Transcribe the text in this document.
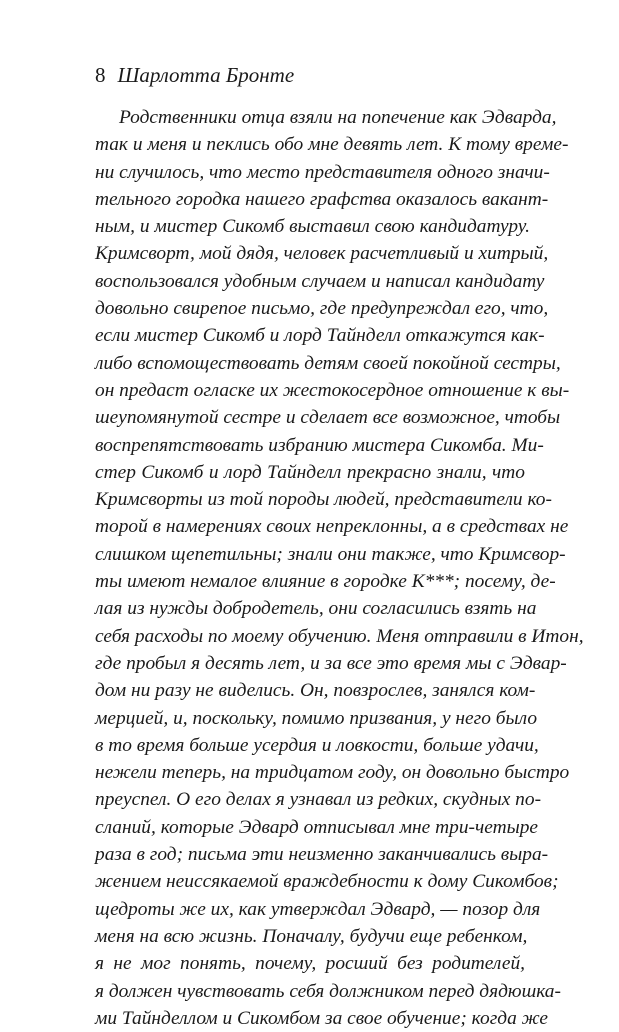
8 Шарлотта Бронте
Родственники отца взяли на попечение как Эдварда,
так и меня и пеклись обо мне девять лет. К тому време-
ни случилось, что место представителя одного значи-
тельного городка нашего графства оказалось вакант-
ным, и мистер Сикомб выставил свою кандидатуру.
Кримсворт, мой дядя, человек расчетливый и хитрый,
воспользовался удобным случаем и написал кандидату
довольно свирепое письмо, где предупреждал его, что,
если мистер Сикомб и лорд Тайнделл откажутся как-
либо вспомоществовать детям своей покойной сестры,
он предаст огласке их жестокосердное отношение к вы-
шеупомянутой сестре и сделает все возможное, чтобы
воспрепятствовать избранию мистера Сикомба. Ми-
стер Сикомб и лорд Тайнделл прекрасно знали, что
Кримсворты из той породы людей, представители ко-
торой в намерениях своих непреклонны, а в средствах не
слишком щепетильны; знали они также, что Кримсвор-
ты имеют немалое влияние в городке К***; посему, де-
лая из нужды добродетель, они согласились взять на
себя расходы по моему обучению. Меня отправили в Итон,
где пробыл я десять лет, и за все это время мы с Эдвар-
дом ни разу не виделись. Он, повзрослев, занялся ком-
мерцией, и, поскольку, помимо призвания, у него было
в то время больше усердия и ловкости, больше удачи,
нежели теперь, на тридцатом году, он довольно быстро
преуспел. О его делах я узнавал из редких, скудных по-
сланий, которые Эдвард отписывал мне три-четыре
раза в год; письма эти неизменно заканчивались выра-
жением неиссякаемой враждебности к дому Сикомбов;
щедроты же их, как утверждал Эдвард, — позор для
меня на всю жизнь. Поначалу, будучи еще ребенком,
я не мог понять, почему, росший без родителей,
я должен чувствовать себя должником перед дядюшка-
ми Тайнделлом и Сикомбом за свое обучение; когда же
